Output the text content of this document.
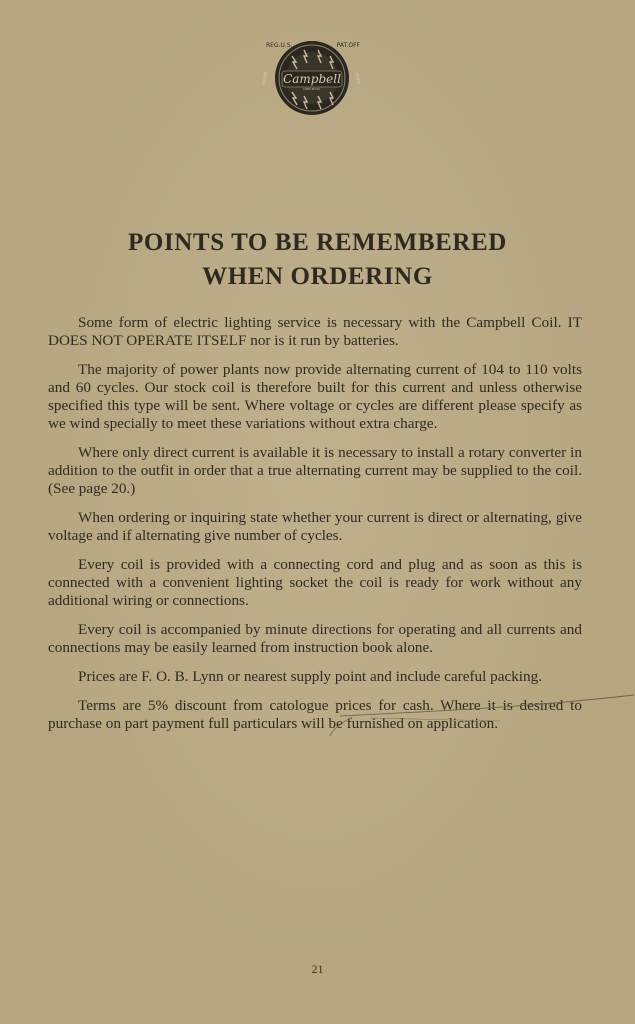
Campbell
LYNN MASS.
REG.U.S.	PAT.OFF
TRADE	MARK
POINTS TO BE REMEMBERED
WHEN ORDERING

Some form of electric lighting service is necessary with the Campbell Coil. IT DOES NOT OPERATE ITSELF nor is it run by batteries.

The majority of power plants now provide alternating current of 104 to 110 volts and 60 cycles. Our stock coil is therefore built for this current and unless otherwise specified this type will be sent. Where voltage or cycles are different please specify as we wind specially to meet these variations without extra charge.

Where only direct current is available it is necessary to install a rotary converter in addition to the outfit in order that a true alternating current may be supplied to the coil. (See page 20.)

When ordering or inquiring state whether your current is direct or alternating, give voltage and if alternating give number of cycles.

Every coil is provided with a connecting cord and plug and as soon as this is connected with a convenient lighting socket the coil is ready for work without any additional wiring or connections.

Every coil is accompanied by minute directions for operating and all currents and connections may be easily learned from instruction book alone.

Prices are F. O. B. Lynn or nearest supply point and include careful packing.

Terms are 5% discount from catologue prices for cash. Where it is desired to purchase on part payment full particulars will be furnished on application.

21
